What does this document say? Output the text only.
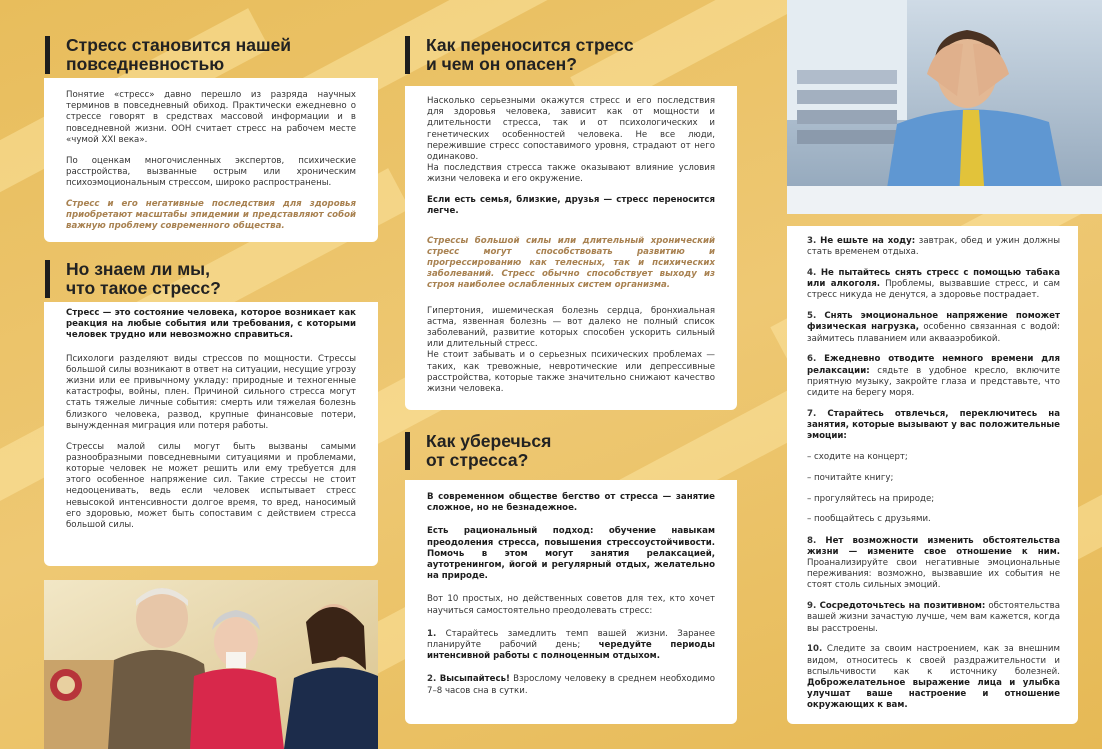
Стресс становится нашей
повседневностью

Понятие «стресс» давно перешло из разряда научных терминов в повседневный обиход. Практически ежедневно о стрессе говорят в средствах массовой информации и в повседневной жизни. ООН считает стресс на рабочем месте «чумой XXI века».

По оценкам многочисленных экспертов, психические расстройства, вызванные острым или хроническим психоэмоциональным стрессом, широко распространены.

Стресс и его негативные последствия для здоровья приобретают масштабы эпидемии и представляют собой важную проблему современного общества.

Но знаем ли мы,
что такое стресс?

Стресс — это состояние человека, которое возникает как реакция на любые события или требования, с которыми человек трудно или невозможно справиться.

Психологи разделяют виды стрессов по мощности. Стрессы большой силы возникают в ответ на ситуации, несущие угрозу жизни или ее привычному укладу: природные и техногенные катастрофы, войны, плен. Причиной сильного стресса могут стать тяжелые личные события: смерть или тяжелая болезнь близкого человека, развод, крупные финансовые потери, вынужденная миграция или потеря работы.

Стрессы малой силы могут быть вызваны самыми разнообразными повседневными ситуациями и проблемами, которые человек не может решить или ему требуется для этого особенное напряжение сил. Такие стрессы не стоит недооценивать, ведь если человек испытывает стресс невысокой интенсивности долгое время, то вред, наносимый его здоровью, может быть сопоставим с действием стресса большой силы.

Как переносится стресс
и чем он опасен?

Насколько серьезными окажутся стресс и его последствия для здоровья человека, зависит как от мощности и длительности стресса, так и от психологических и генетических особенностей человека. Не все люди, пережившие стресс сопоставимого уровня, страдают от него одинаково.

На последствия стресса также оказывают влияние условия жизни человека и его окружение.

Если есть семья, близкие, друзья — стресс переносится легче.

Стрессы большой силы или длительный хронический стресс могут способствовать развитию и прогрессированию как телесных, так и психических заболеваний. Стресс обычно способствует выходу из строя наиболее ослабленных систем организма.

Гипертония, ишемическая болезнь сердца, бронхиальная астма, язвенная болезнь — вот далеко не полный список заболеваний, развитие которых способен ускорить сильный или длительный стресс.

Не стоит забывать и о серьезных психических проблемах — таких, как тревожные, невротические или депрессивные расстройства, которые также значительно снижают качество жизни человека.

Как уберечься
от стресса?

В современном обществе бегство от стресса — занятие сложное, но не безнадежное.

Есть рациональный подход: обучение навыкам преодоления стресса, повышения стрессоустойчивости. Помочь в этом могут занятия релаксацией, аутотренингом, йогой и регулярный отдых, желательно на природе.

Вот 10 простых, но действенных советов для тех, кто хочет научиться самостоятельно преодолевать стресс:

1. Старайтесь замедлить темп вашей жизни. Заранее планируйте рабочий день; чередуйте периоды интенсивной работы с полноценным отдыхом.

2. Высыпайтесь! Взрослому человеку в среднем необходимо 7–8 часов сна в сутки.

3. Не ешьте на ходу: завтрак, обед и ужин должны стать временем отдыха.

4. Не пытайтесь снять стресс с помощью табака или алкоголя. Проблемы, вызвавшие стресс, и сам стресс никуда не денутся, а здоровье пострадает.

5. Снять эмоциональное напряжение поможет физическая нагрузка, особенно связанная с водой: займитесь плаванием или аквааэробикой.

6. Ежедневно отводите немного времени для релаксации: сядьте в удобное кресло, включите приятную музыку, закройте глаза и представьте, что сидите на берегу моря.

7. Старайтесь отвлечься, переключитесь на занятия, которые вызывают у вас положительные эмоции:

– сходите на концерт;

– почитайте книгу;

– прогуляйтесь на природе;

– пообщайтесь с друзьями.

8. Нет возможности изменить обстоятельства жизни — измените свое отношение к ним. Проанализируйте свои негативные эмоциональные переживания: возможно, вызвавшие их события не стоят столь сильных эмоций.

9. Сосредоточьтесь на позитивном: обстоятельства вашей жизни зачастую лучше, чем вам кажется, когда вы расстроены.

10. Следите за своим настроением, как за внешним видом, относитесь к своей раздражительности и вспыльчивости как к источнику болезней. Доброжелательное выражение лица и улыбка улучшат ваше настроение и отношение окружающих к вам.
